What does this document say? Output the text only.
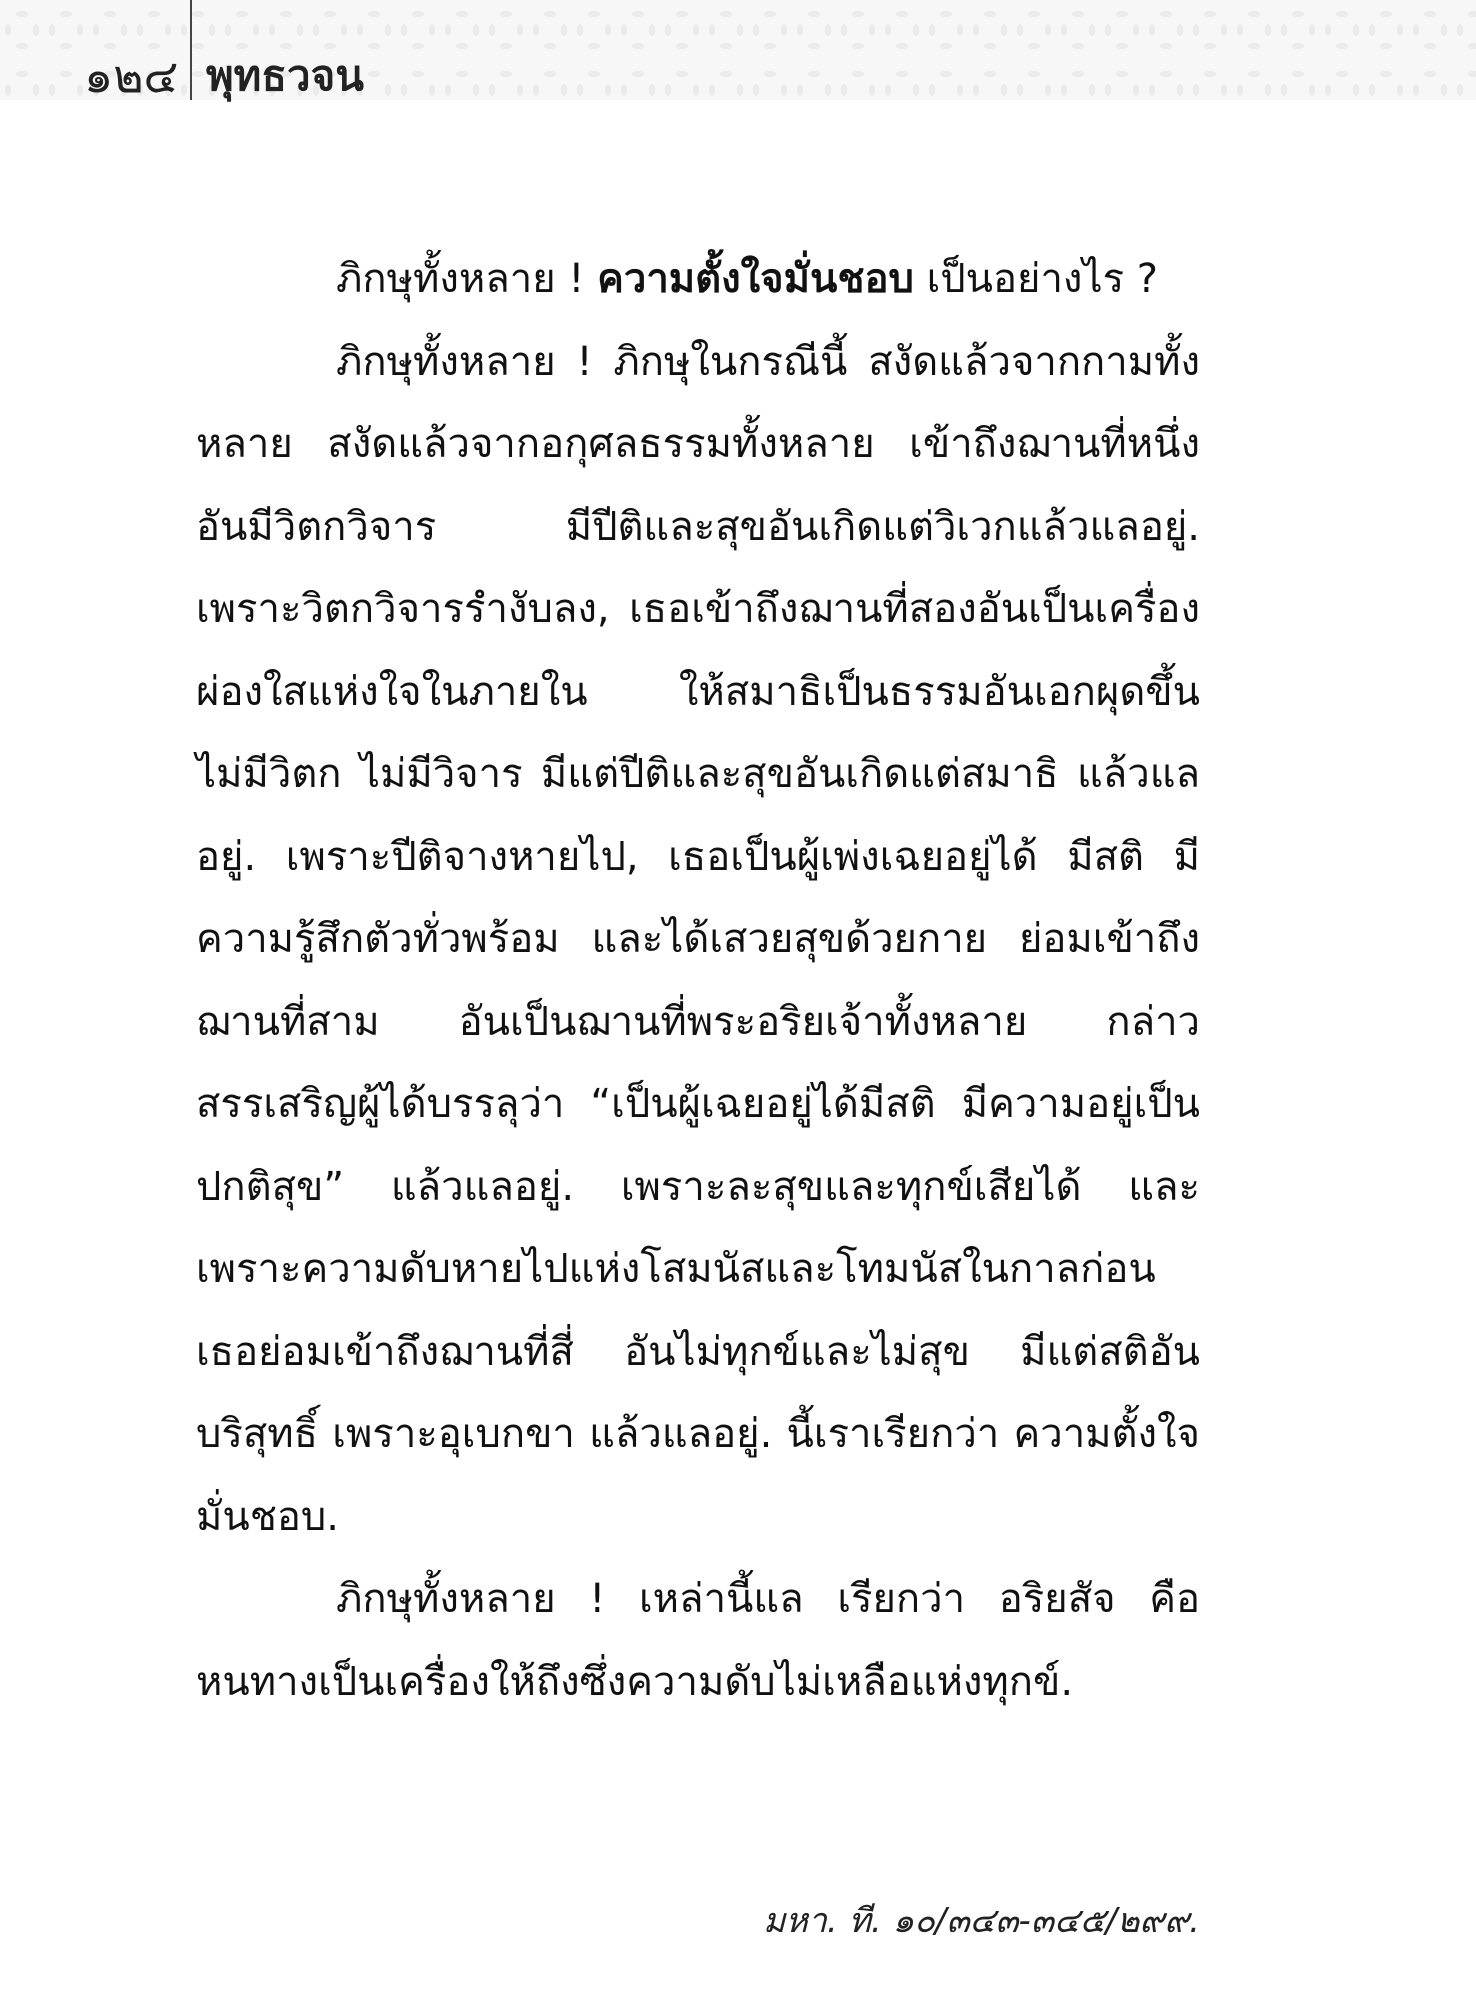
๑๒๔ พุทธวจน

ภิกษุทั้งหลาย ! ความตั้งใจมั่นชอบ เป็นอย่างไร ?

ภิกษุทั้งหลาย ! ภิกษุในกรณีนี้ สงัดแล้วจากกามทั้งหลาย สงัดแล้วจากอกุศลธรรมทั้งหลาย เข้าถึงฌานที่หนึ่ง อันมีวิตกวิจาร มีปีติและสุขอันเกิดแต่วิเวกแล้วแลอยู่. เพราะวิตกวิจารรำงับลง, เธอเข้าถึงฌานที่สองอันเป็นเครื่องผ่องใสแห่งใจในภายใน ให้สมาธิเป็นธรรมอันเอกผุดขึ้น ไม่มีวิตก ไม่มีวิจาร มีแต่ปีติและสุขอันเกิดแต่สมาธิ แล้วแลอยู่. เพราะปีติจางหายไป, เธอเป็นผู้เพ่งเฉยอยู่ได้ มีสติ มีความรู้สึกตัวทั่วพร้อม และได้เสวยสุขด้วยกาย ย่อมเข้าถึงฌานที่สาม อันเป็นฌานที่พระอริยเจ้าทั้งหลาย กล่าวสรรเสริญผู้ได้บรรลุว่า “เป็นผู้เฉยอยู่ได้มีสติ มีความอยู่เป็นปกติสุข” แล้วแลอยู่. เพราะละสุขและทุกข์เสียได้ และเพราะความดับหายไปแห่งโสมนัสและโทมนัสในกาลก่อน เธอย่อมเข้าถึงฌานที่สี่ อันไม่ทุกข์และไม่สุข มีแต่สติอันบริสุทธิ์ เพราะอุเบกขา แล้วแลอยู่. นี้เราเรียกว่า ความตั้งใจมั่นชอบ.

ภิกษุทั้งหลาย ! เหล่านี้แล เรียกว่า อริยสัจ คือหนทางเป็นเครื่องให้ถึงซึ่งความดับไม่เหลือแห่งทุกข์.

มหา. ที. ๑๐/๓๔๓-๓๔๕/๒๙๙.
